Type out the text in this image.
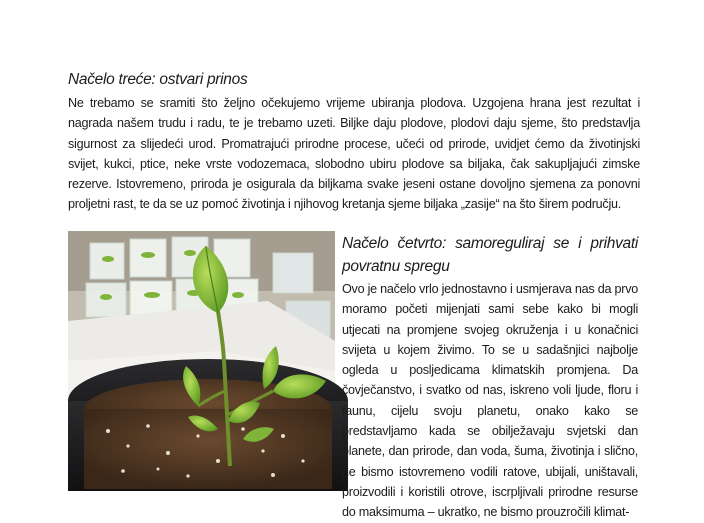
Načelo treće: ostvari prinos
Ne trebamo se sramiti što željno očekujemo vrijeme ubiranja plodova. Uzgojena hrana jest rezultat i nagrada našem trudu i radu, te je trebamo uzeti. Biljke daju plodove, plodovi daju sjeme, što predstavlja sigurnost za slijedeći urod. Promatrajući prirodne procese, učeći od prirode, uvidjet ćemo da životinjski svijet, kukci, ptice, neke vrste vodozemaca, slobodno ubiru plodove sa biljaka, čak sakupljajući zimske rezerve. Istovremeno, priroda je osigurala da biljkama svake jeseni ostane dovoljno sjemena za ponovni proljetni rast, te da se uz pomoć životinja i njihovog kretanja sjeme biljaka „zasije“ na što širem području.
Načelo četvrto: samoreguliraj se i prihvati povratnu spregu
Ovo je načelo vrlo jednostavno i usmjerava nas da prvo moramo početi mijenjati sami sebe kako bi mogli utjecati na promjene svojeg okruženja i u konačnici svijeta u kojem živimo. To se u sadašnjici najbolje ogleda u posljedicama klimatskih promjena. Da čovječanstvo, i svatko od nas, iskreno voli ljude, floru i faunu, cijelu svoju planetu, onako kako se predstavljamo kada se obilježavaju svjetski dan planete, dan prirode, dan voda, šuma, životinja i slično, ne bismo istovremeno vodili ratove, ubijali, uništavali, proizvodili i koristili otrove, iscrpljivali prirodne resurse do maksimuma – ukratko, ne bismo prouzročili klimat-
